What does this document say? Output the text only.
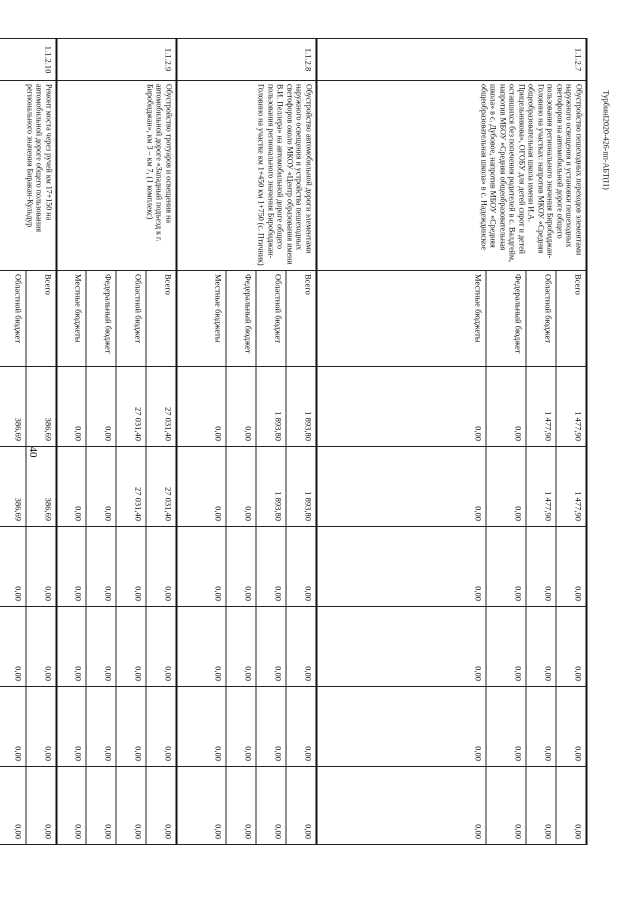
40
ТурбинI2020-426-пп-АБТ(I1)
1.1.2.7	Обустройство пешеходных переходов элементами наружного освещения и установки пешеходных светофоров на автомобильной дороге общего пользования регионального значения Биробиджан-Головино на участках: напротив МКОУ «Средняя общеобразовательная школа имени И.А. Прицельникова», ОГОБУ для детей сирот и детей оставшихся без попечения родителей в с. Валдгейм, напротив МБОУ «Средняя общеобразовательная школа» в с. Дубовое, напротив МБОУ «Средняя общеобразовательная школа» в с. Надеждинское	Всего	1 477,90	1 477,90	0,00	0,00	0,00	0,00
		Областной бюджет	1 477,90	1 477,90	0,00	0,00	0,00	0,00
		Федеральный бюджет	0,00	0,00	0,00	0,00	0,00	0,00
		Местные бюджеты	0,00	0,00	0,00	0,00	0,00	0,00
1.1.2.8	Обустройство автомобильной дороги элементами наружного освещения и устройства пешеходных светофоров около МКОУ «Центр образования имени В.И. Пеллера» на автомобильной дороге общего пользования регионального значения Биробиджан-Головино на участке км 1+450 км 1+750 (с. Птичник)	Всего	1 893,80	1 893,80	0,00	0,00	0,00	0,00
		Областной бюджет	1 893,80	1 893,80	0,00	0,00	0,00	0,00
		Федеральный бюджет	0,00	0,00	0,00	0,00	0,00	0,00
		Местные бюджеты	0,00	0,00	0,00	0,00	0,00	0,00
1.1.2.9	Обустройство тротуаров и освещения на автомобильной дороге «Западный подъезд к г. Биробиджан», км 3 – км 7, (1 комплекс)	Всего	27 031,40	27 031,40	0,00	0,00	0,00	0,00
		Областной бюджет	27 031,40	27 031,40	0,00	0,00	0,00	0,00
		Федеральный бюджет	0,00	0,00	0,00	0,00	0,00	0,00
		Местные бюджеты	0,00	0,00	0,00	0,00	0,00	0,00
1.1.2.10	Ремонт моста через ручей км 17+150 на автомобильной дороге общего пользования регионального значения Биракан-Кульдур	Всего	386,69	386,69	0,00	0,00	0,00	0,00
		Областной бюджет	386,69	386,69	0,00	0,00	0,00	0,00
